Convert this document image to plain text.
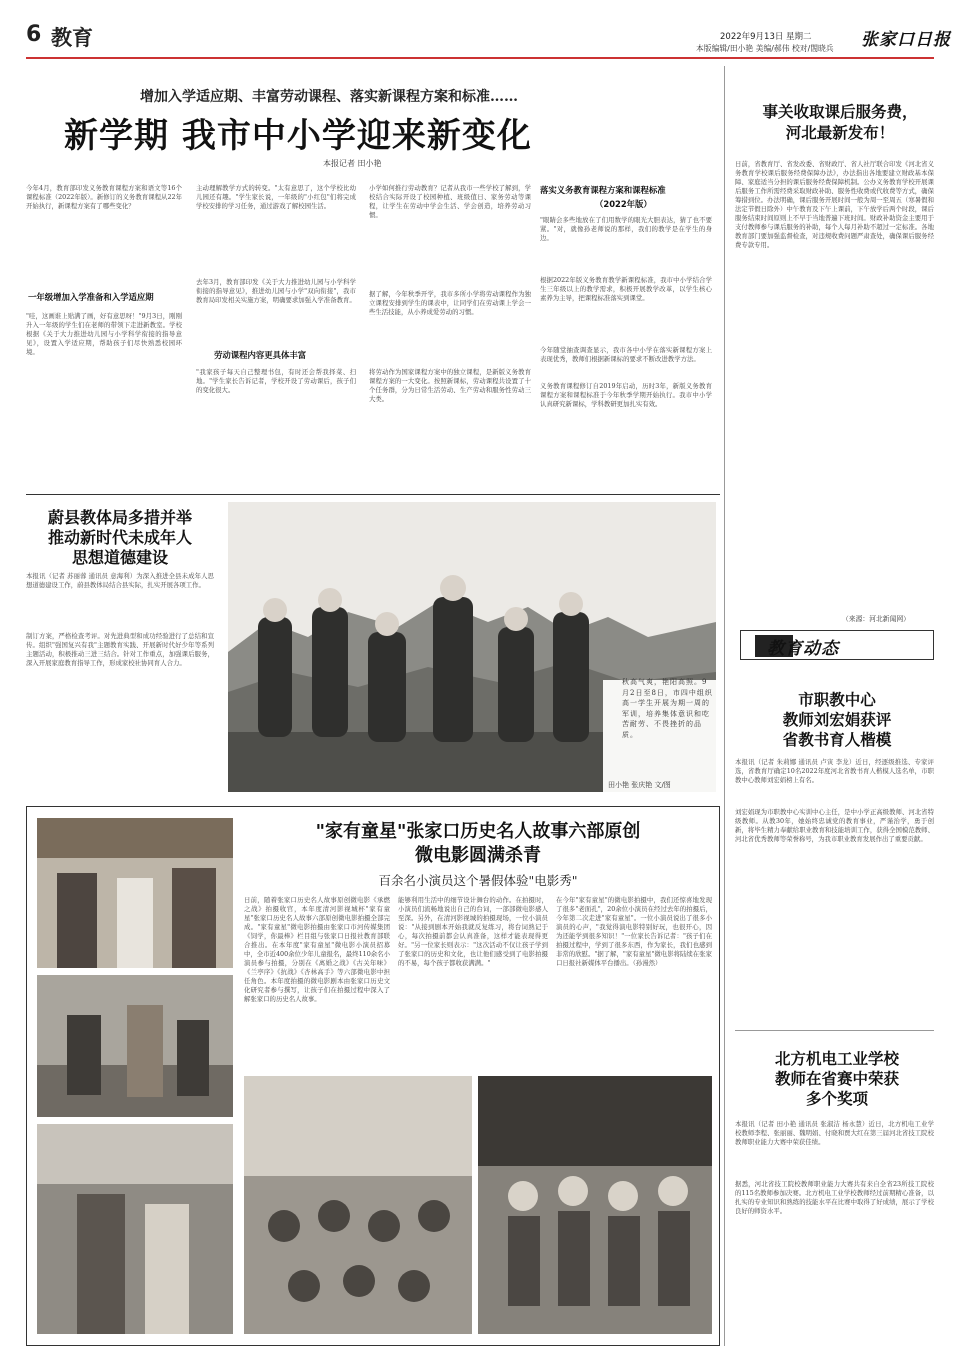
6 教育	2022年9月13日 星期二
本版编辑/田小艳 美编/郝伟 校对/閤晓兵 张家口日报
增加入学适应期、丰富劳动课程、落实新课程方案和标准……
新学期 我市中小学迎来新变化
本报记者 田小艳
今年4月，教育部印发义务教育课程方案和语文等16个课程标准（2022年版）。新修订的义务教育课程从22年开始执行，新课程方案有了哪些变化？
一年级增加入学准备和入学适应期
"哇，这画谁上贴满了画，好有意思呀！"9月3日，刚刚升入一年级的学生们在老师的带领下走进新教室。学校根据《关于大力推进幼儿园与小学科学衔接的指导意见》，设置入学适应期，帮助孩子们尽快熟悉校园环境。
主动理解教学方式的转变。"太有意思了，这个学校比幼儿园还有趣。"学生家长说，一年级的"小红包"们将完成学校安排的学习任务，通过游戏了解校园生活。
去年3月，教育部印发《关于大力推进幼儿园与小学科学衔接的指导意见》，推进幼儿园与小学"双向衔接"，我市教育局印发相关实施方案，明确要求加强入学准备教育。
劳动课程内容更具体丰富
"我家孩子每天自己整理书包，有时还会帮我择菜、扫地。"学生家长告诉记者，学校开设了劳动课后，孩子们的变化很大。
小学如何推行劳动教育？记者从我市一些学校了解到，学校结合实际开设了校园种植、班级值日、家务劳动等课程，让学生在劳动中学会生活、学会创造，培养劳动习惯。
据了解，今年秋季开学，我市多所小学将劳动课程作为独立课程安排到学生的课表中，让同学们在劳动课上学会一些生活技能，从小养成爱劳动的习惯。
将劳动作为国家课程方案中的独立课程，是新版义务教育课程方案的一大变化。按照新课标，劳动课程共设置了十个任务群，分为日常生活劳动、生产劳动和服务性劳动三大类。
落实义务教育课程方案和课程标准
（2022年版）
"眼睛会多些地放在了们用数学的眼光大胆表达，猜了也不要紧。"对，就像孙老师说的那样，我们的教学是在学生的身边。
根据2022年版义务教育教学新课程标准，我市中小学结合学生三年级以上的教学需求，积极开展教学改革，以学生核心素养为主导，把课程标准落实到课堂。
今年随堂抽查调查显示，我市各中小学在落实新课程方案上表现优秀，教师们根据新课标的要求不断改进教学方法。
义务教育课程修订自2019年启动，历时3年，新版义务教育课程方案和课程标准于今年秋季学期开始执行。我市中小学认真研究新课标，学科教研更加扎实有效。
蔚县教体局多措并举
推动新时代未成年人
思想道德建设
本报讯（记者 苏丽蓉 通讯员 意海利）为深入推进全县未成年人思想道德建设工作，蔚县教体局结合县实际，扎实开展各项工作。
制订方案，严格检查考评。对先进典型和成功经验进行了总结和宣传。组织"强国复兴有我"主题教育实践、开展新时代好少年等系列主题活动，积极推动三进三结合。针对工作重点，加强课后服务，深入开展家庭教育指导工作，形成家校社协同育人合力。
秋高气爽，艳阳高照。9月2日至8日，市四中组织高一学生开展为期一周的军训，培养集体意识和吃苦耐劳、不畏挫折的品质。
田小艳 张庆艳 文/图
事关收取课后服务费，
河北最新发布！
日前，省教育厅、省发改委、省财政厅、省人社厅联合印发《河北省义务教育学校课后服务经费保障办法》，办法指出各地要建立财政基本保障、家庭适当分担的课后服务经费保障机制。公办义务教育学校开展课后服务工作所需经费采取财政补助、服务性收费或代收费等方式，确保筹措到位。办法明确，课后服务开展时间一般为周一至周五（寒暑假和法定节假日除外）中午教育及下午上课前，下午放学后两个时段，课后服务结束时间原则上不早于当地普遍下班时间。财政补助资金主要用于支付教师参与课后服务的补助，每个人每月补助不超过一定标准。各地教育部门要加强监督检查，对违规收费问题严肃查处，确保课后服务经费专款专用。
（来源：河北新闻网）
教育动态
市职教中心
教师刘宏娟获评
省教书育人楷模
本报讯（记者 朱莉娜 通讯员 卢寅 李龙）近日，经逐级推选、专家评选，省教育厅确定10名2022年度河北省教书育人楷模人选名单，市职教中心教师刘宏娟榜上有名。
刘宏娟现为市职教中心实训中心主任，是中小学正高级教师、河北省特级教师。从教30年，她始终忠诚党的教育事业，严谨治学，勇于创新，将毕生精力奉献给职业教育和技能培训工作，获得全国模范教师、河北省优秀教师等荣誉称号，为我市职业教育发展作出了重要贡献。
北方机电工业学校
教师在省赛中荣获
多个奖项
本报讯（记者 田小艳 通讯员 张淑洁 杨永慧）近日，北方机电工业学校教师李程、张丽丽、魏明娟、付晓和贾大红在第三届河北省技工院校教师职业能力大赛中荣获佳绩。
据悉，河北省技工院校教师职业能力大赛共有来自全省23所技工院校的115名教师参加决赛。北方机电工业学校教师经过前期精心准备，以扎实的专业知识和熟练的技能水平在比赛中取得了好成绩，展示了学校良好的师资水平。
"家有童星"张家口历史名人故事六部原创
微电影圆满杀青
百余名小演员这个暑假体验"电影秀"
日前，随着张家口历史名人故事原创微电影《承燃之战》拍摄收官，本年度清河影视城杯"家有童星"张家口历史名人故事六部原创微电影拍摄全部完成。"家有童星"微电影拍摄由张家口市河传媒集团《饲学，你最棒》栏目组与张家口日报社教育部联合推出。在本年度"家有童星"微电影小演员招募中，全市近400余位少年儿童报名，最终110余名小演员参与拍摄，分别在《离婚之战》《古关年味》《兰亭序》《抗战》《杏林高手》等六部微电影中担任角色。本年度拍摄的微电影剧本由张家口历史文化研究者参与撰写，让孩子们在拍摄过程中深入了解张家口的历史名人故事。
能够利用生活中的细节设计舞台的动作。在拍摄时，小演员们流畅地说出自己的台词，一部部微电影感人至深。另外，在清河影视城的拍摄现场，一位小演员说："从接到剧本开始我就反复练习，将台词熟记于心，每次拍摄前都会认真准备，这样才能表现得更好。"另一位家长则表示："这次活动不仅让孩子学到了张家口的历史和文化，也让他们感受到了电影拍摄的不易，每个孩子都收获满满。"
在今年"家有童星"的微电影拍摄中，我们还惊喜地发现了很多"老面孔"，20余位小演员在经过去年的拍摄后，今年第二次走进"家有童星"。一位小演员说出了很多小演员的心声，"我觉得演电影特别好玩，也很开心，因为还能学到很多知识！"一位家长告诉记者："孩子们在拍摄过程中，学到了很多东西，作为家长，我们也感到非常的欣慰。"据了解，"家有童星"微电影将陆续在张家口日报社新媒体平台播出。（孙漫然）
